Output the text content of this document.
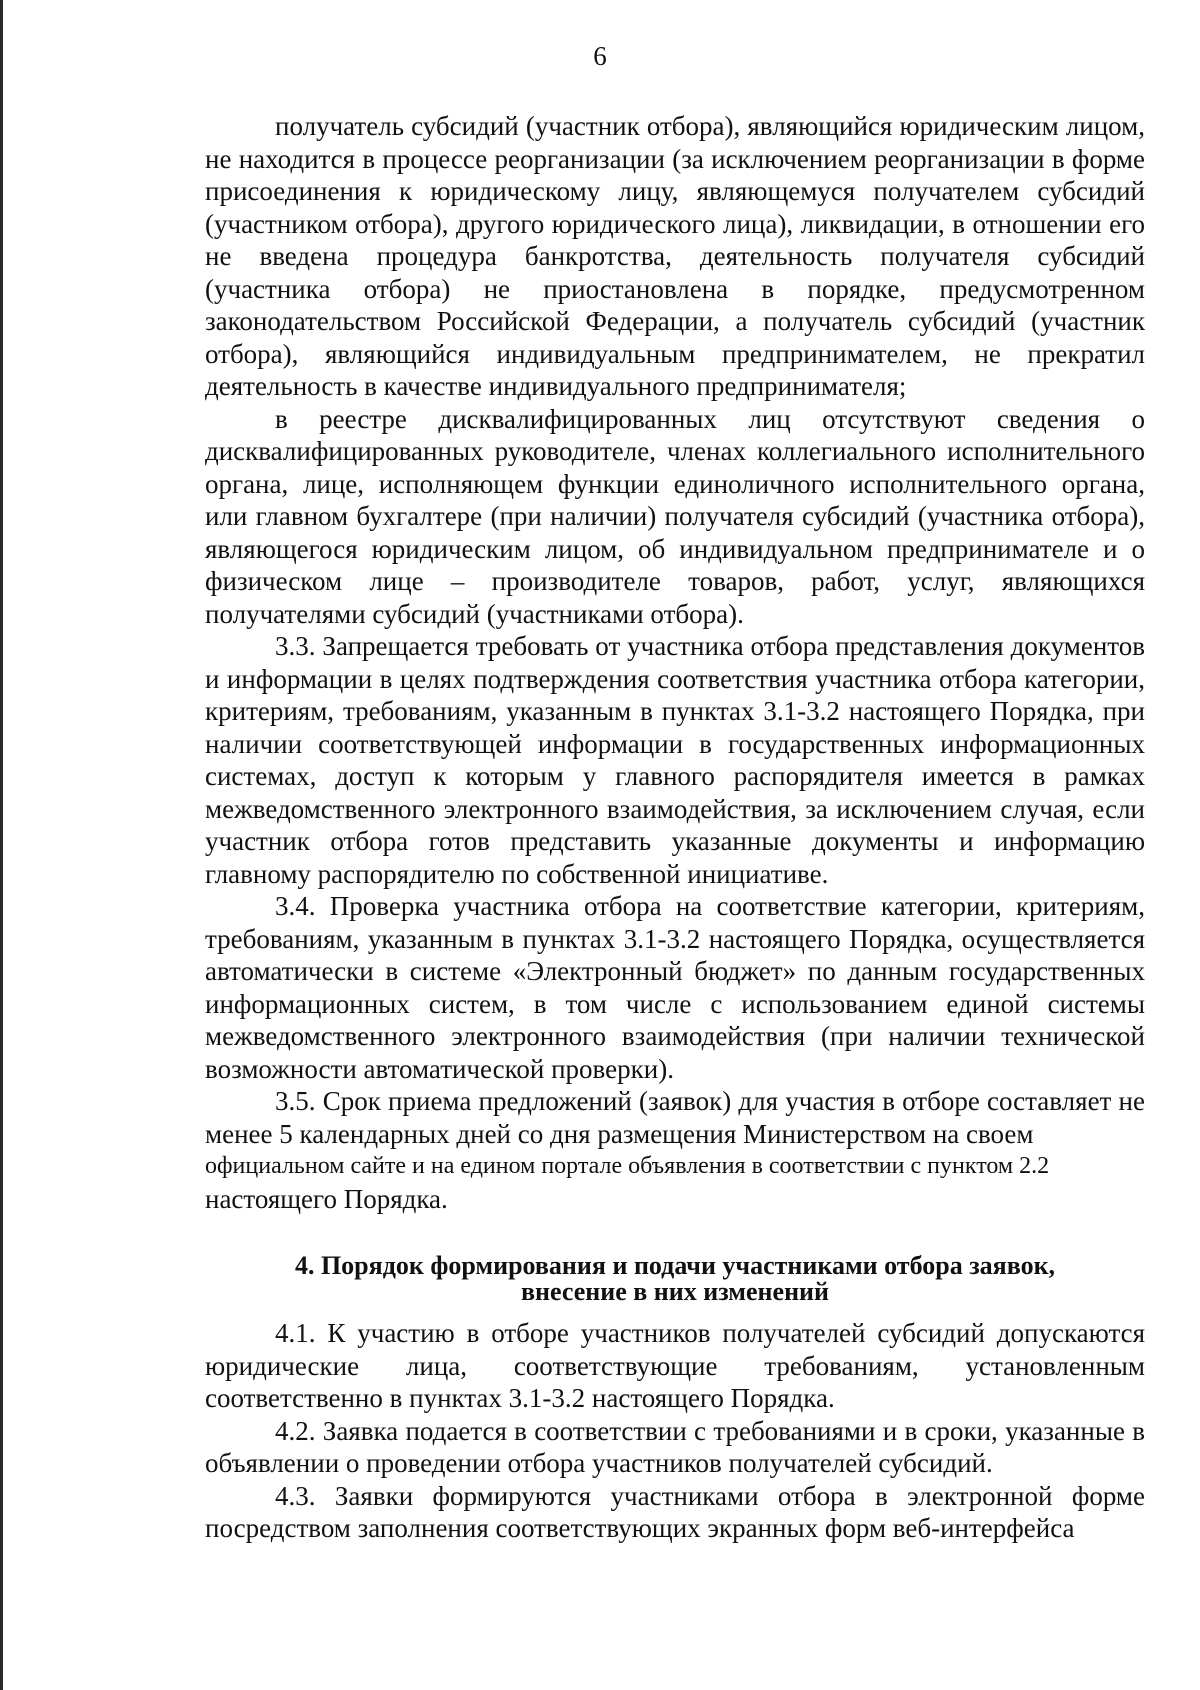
6

получатель субсидий (участник отбора), являющийся юридическим лицом, не находится в процессе реорганизации (за исключением реорганизации в форме присоединения к юридическому лицу, являющемуся получателем субсидий (участником отбора), другого юридического лица), ликвидации, в отношении его не введена процедура банкротства, деятельность получателя субсидий (участника отбора) не приостановлена в порядке, предусмотренном законодательством Российской Федерации, а получатель субсидий (участник отбора), являющийся индивидуальным предпринимателем, не прекратил деятельность в качестве индивидуального предпринимателя;

в реестре дисквалифицированных лиц отсутствуют сведения о дисквалифицированных руководителе, членах коллегиального исполнительного органа, лице, исполняющем функции единоличного исполнительного органа, или главном бухгалтере (при наличии) получателя субсидий (участника отбора), являющегося юридическим лицом, об индивидуальном предпринимателе и о физическом лице – производителе товаров, работ, услуг, являющихся получателями субсидий (участниками отбора).

3.3. Запрещается требовать от участника отбора представления документов и информации в целях подтверждения соответствия участника отбора категории, критериям, требованиям, указанным в пунктах 3.1-3.2 настоящего Порядка, при наличии соответствующей информации в государственных информационных системах, доступ к которым у главного распорядителя имеется в рамках межведомственного электронного взаимодействия, за исключением случая, если участник отбора готов представить указанные документы и информацию главному распорядителю по собственной инициативе.

3.4. Проверка участника отбора на соответствие категории, критериям, требованиям, указанным в пунктах 3.1-3.2 настоящего Порядка, осуществляется автоматически в системе «Электронный бюджет» по данным государственных информационных систем, в том числе с использованием единой системы межведомственного электронного взаимодействия (при наличии технической возможности автоматической проверки).

3.5. Срок приема предложений (заявок) для участия в отборе составляет не менее 5 календарных дней со дня размещения Министерством на своем

официальном сайте и на едином портале объявления в соответствии с пунктом 2.2

настоящего Порядка.

4. Порядок формирования и подачи участниками отбора заявок,
внесение в них изменений

4.1. К участию в отборе участников получателей субсидий допускаются юридические лица, соответствующие требованиям, установленным соответственно в пунктах 3.1-3.2 настоящего Порядка.

4.2. Заявка подается в соответствии с требованиями и в сроки, указанные в объявлении о проведении отбора участников получателей субсидий.

4.3. Заявки формируются участниками отбора в электронной форме посредством заполнения соответствующих экранных форм веб-интерфейса
